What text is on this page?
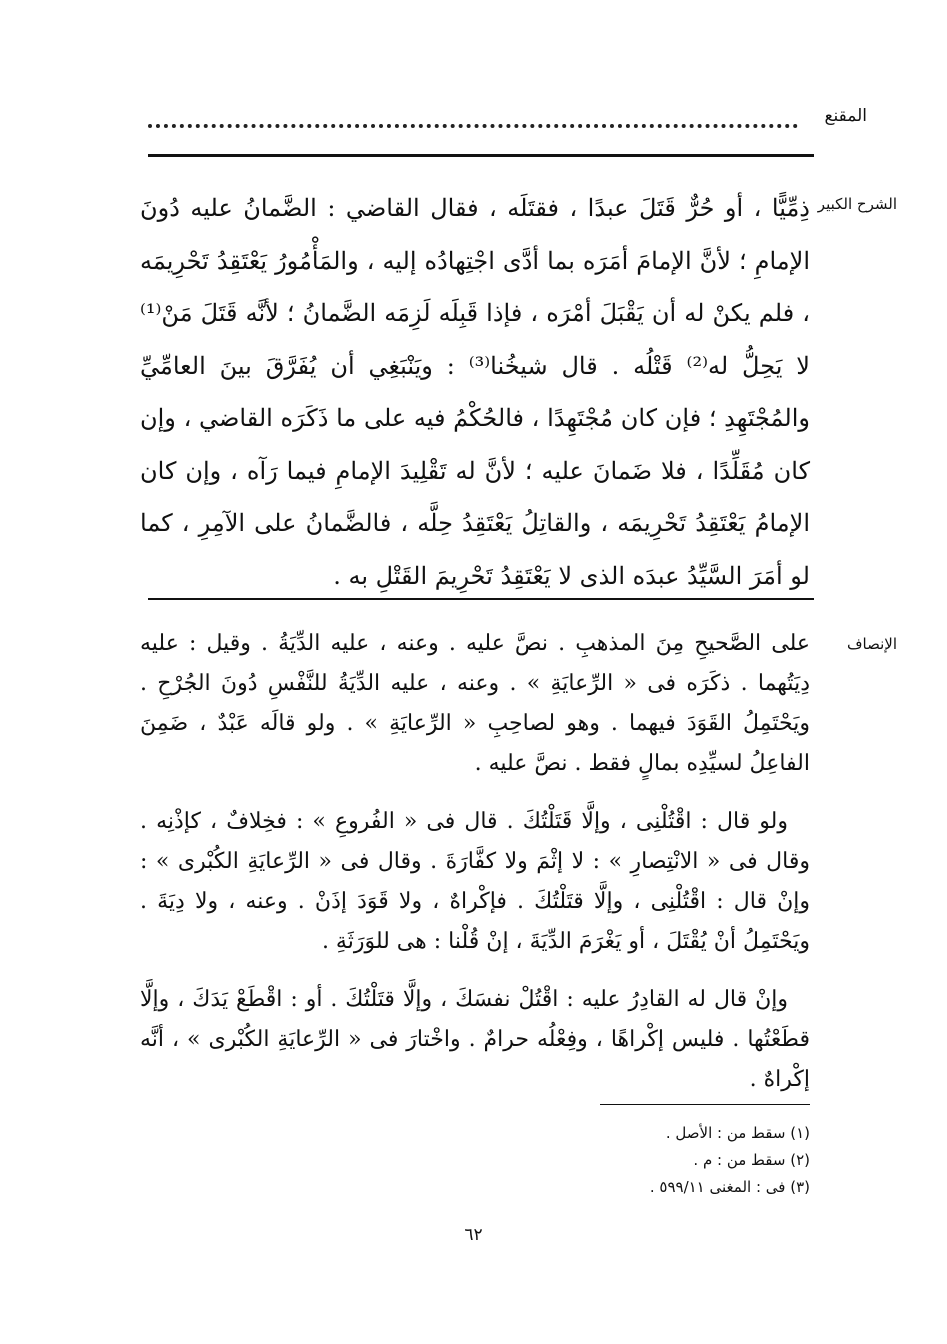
المقنع
الشرح الكبير

ذِمِّيًّا ، أو حُرٌّ قَتَلَ عبدًا ، فقتَلَه ، فقال القاضي : الضَّمانُ عليه دُونَ الإمامِ ؛ لأنَّ الإمامَ أمَرَه بما أدَّى اجْتِهادُه إليه ، والمَأْمُورُ يَعْتَقِدُ تَحْرِيمَه ، فلم يكنْ له أن يَقْبَلَ أمْرَه ، فإذا قَبِلَه لَزِمَه الضَّمانُ ؛ لأنَّه قَتَلَ مَنْ⁽¹⁾ لا يَحِلُّ له⁽²⁾ قَتْلُه . قال شيخُنا⁽³⁾ : ويَنْبَغِي أن يُفَرَّقَ بينَ العامِّيِّ والمُجْتَهِدِ ؛ فإن كان مُجْتَهِدًا ، فالحُكْمُ فيه على ما ذَكَرَه القاضي ، وإن كان مُقَلِّدًا ، فلا ضَمانَ عليه ؛ لأنَّ له تَقْلِيدَ الإمامِ فيما رَآه ، وإن كان الإمامُ يَعْتَقِدُ تَحْرِيمَه ، والقاتِلُ يَعْتَقِدُ حِلَّه ، فالضَّمانُ على الآمِرِ ، كما لو أمَرَ السَّيِّدُ عبدَه الذى لا يَعْتَقِدُ تَحْرِيمَ القَتْلِ به .

الإنصاف

على الصَّحيحِ مِنَ المذهبِ . نصَّ عليه . وعنه ، عليه الدِّيَةُ . وقيل : عليه دِيَتُهما . ذكَرَه فى « الرِّعايَةِ » . وعنه ، عليه الدِّيَةُ للنَّفْسِ دُونَ الجُرْحِ . ويَحْتَمِلُ القَوَدَ فيهما . وهو لصاحِبِ « الرِّعايَةِ » . ولو قالَه عَبْدٌ ، ضَمِنَ الفاعِلُ لسيِّدِه بمالٍ فقط . نصَّ عليه .

ولو قال : اقْتُلْنِى ، وإلَّا قَتَلْتُكَ . قال فى « الفُروعِ » : فخِلافٌ ، كإذْنِه . وقال فى « الانْتِصارِ » : لا إثْمَ ولا كفَّارَةَ . وقال فى « الرِّعايَةِ الكُبْرى » : وإنْ قال : اقْتُلْنِى ، وإلَّا قتَلْتُكَ . فإكْراهٌ ، ولا قَوَدَ إذَنْ . وعنه ، ولا دِيَةَ . ويَحْتَمِلُ أنْ يُقْتَلَ ، أو يَغْرَمَ الدِّيَةَ ، إنْ قُلْنا : هى للوَرَثَةِ .

وإنْ قال له القادِرُ عليه : اقْتُلْ نفسَكَ ، وإلَّا قتَلْتُكَ . أو : اقْطَعْ يَدَكَ ، وإلَّا قطَعْتُها . فليس إكْراهًا ، وفِعْلُه حرامٌ . واخْتارَ فى « الرِّعايَةِ الكُبْرى » ، أنَّه إكْراهٌ .

(١) سقط من : الأصل .
(٢) سقط من : م .
(٣) فى : المغنى ٥٩٩/١١ .
٦٢
